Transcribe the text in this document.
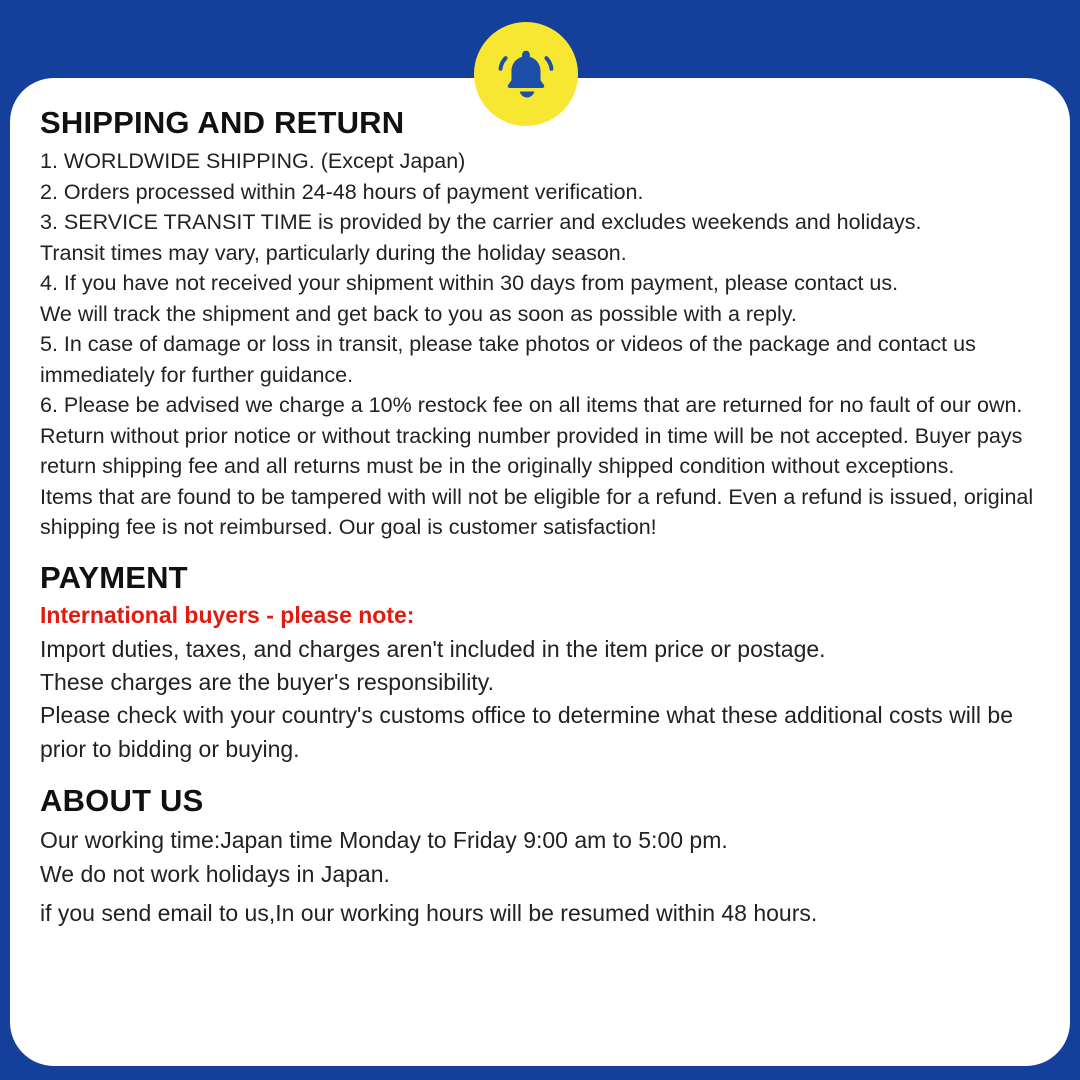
SHIPPING AND RETURN

1. WORLDWIDE SHIPPING. (Except Japan)

2. Orders processed within 24-48 hours of payment verification.

3. SERVICE TRANSIT TIME is provided by the carrier and excludes weekends and holidays.

Transit times may vary, particularly during the holiday season.

4. If you have not received your shipment within 30 days from payment, please contact us.

We will track the shipment and get back to you as soon as possible with a reply.

5. In case of damage or loss in transit, please take photos or videos of the package and contact us immediately for further guidance.

6. Please be advised we charge a 10% restock fee on all items that are returned for no fault of our own. Return without prior notice or without tracking number provided in time will be not accepted. Buyer pays return shipping fee and all returns must be in the originally shipped condition without exceptions.

Items that are found to be tampered with will not be eligible for a refund. Even a refund is issued, original shipping fee is not reimbursed. Our goal is customer satisfaction!

PAYMENT

International buyers - please note:

Import duties, taxes, and charges aren't included in the item price or postage.

These charges are the buyer's responsibility.

Please check with your country's customs office to determine what these additional costs will be prior to bidding or buying.

ABOUT US

Our working time:Japan time Monday to Friday 9:00 am to 5:00 pm.

We do not work holidays in Japan.

if you send email to us,In our working hours will be resumed within 48 hours.
